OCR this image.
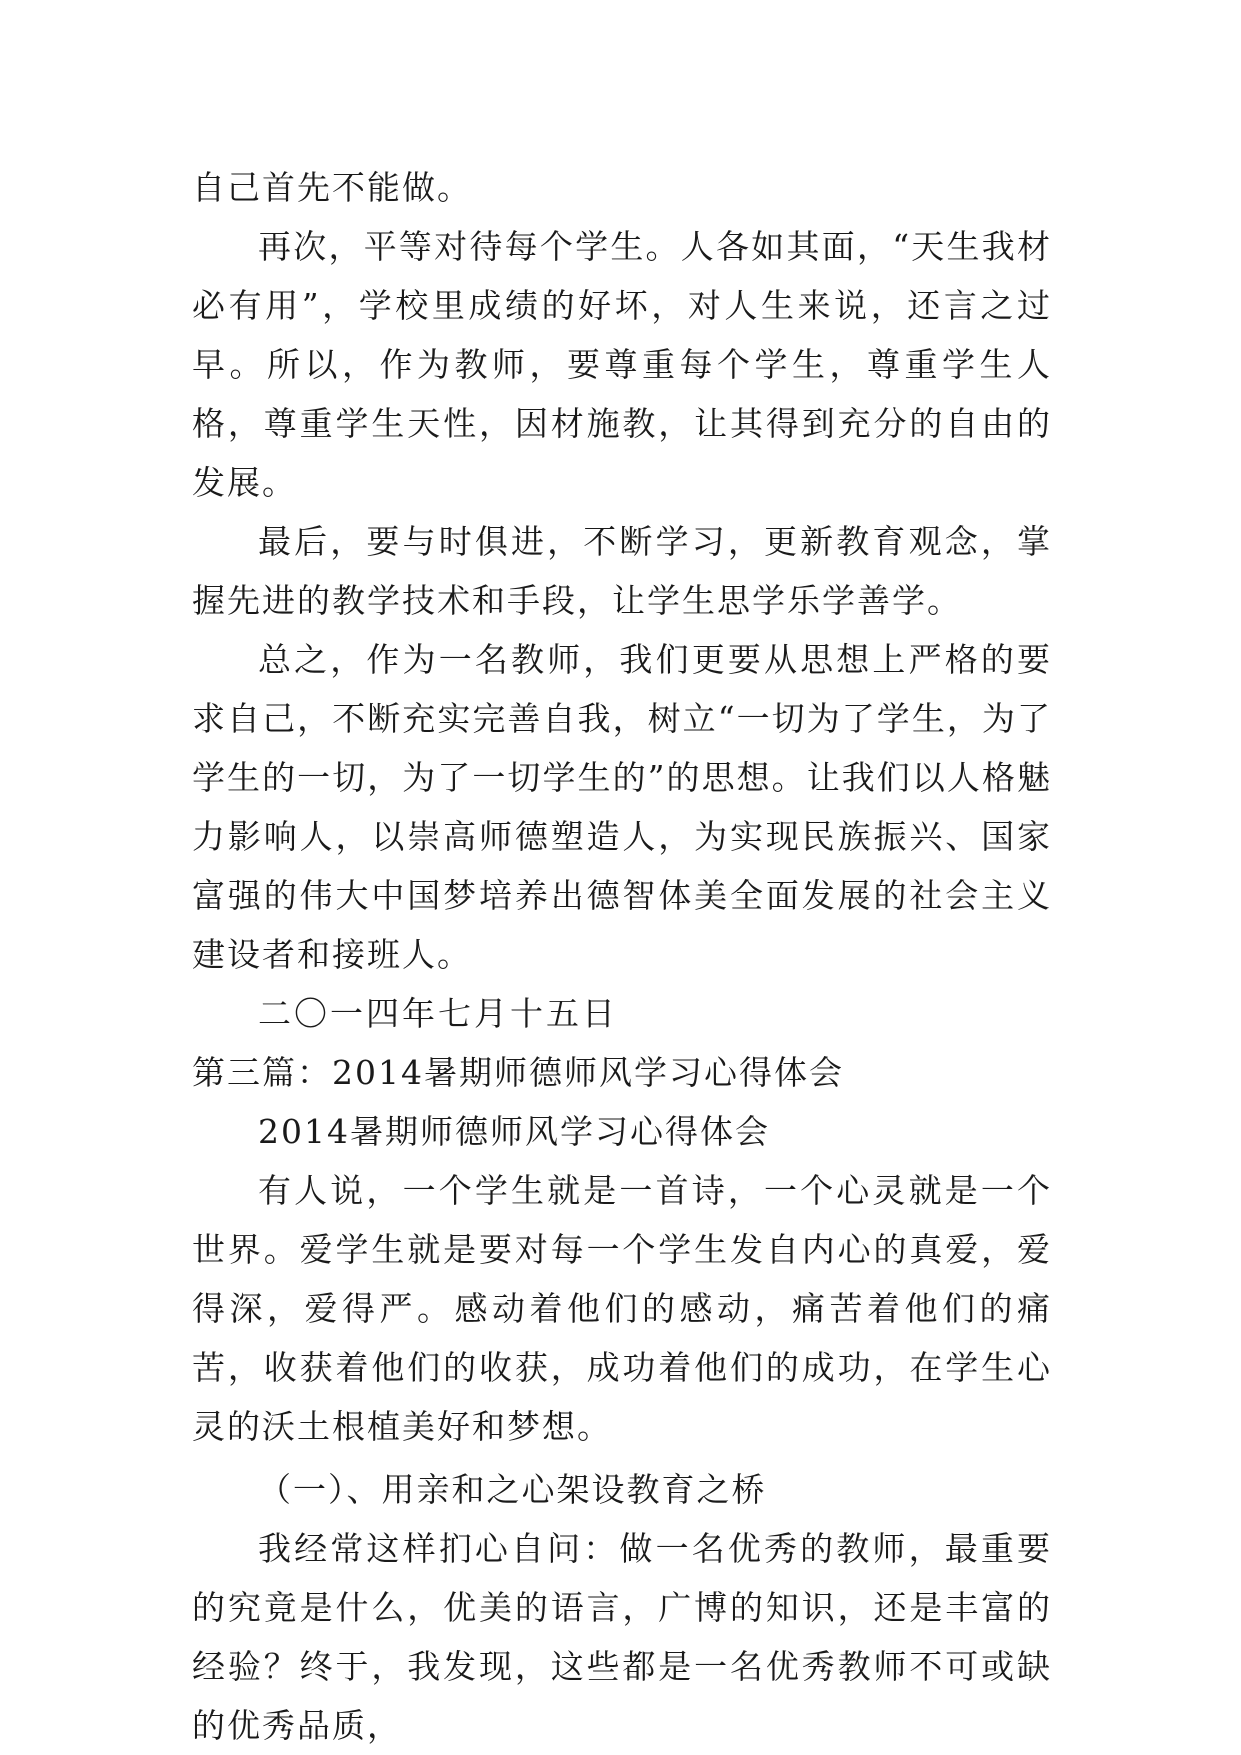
自己首先不能做。

再次，平等对待每个学生。人各如其面，“天生我材必有用”，学校里成绩的好坏，对人生来说，还言之过早。所以，作为教师，要尊重每个学生，尊重学生人格，尊重学生天性，因材施教，让其得到充分的自由的发展。

最后，要与时俱进，不断学习，更新教育观念，掌握先进的教学技术和手段，让学生思学乐学善学。

总之，作为一名教师，我们更要从思想上严格的要求自己，不断充实完善自我，树立“一切为了学生，为了学生的一切，为了一切学生的”的思想。让我们以人格魅力影响人，以崇高师德塑造人，为实现民族振兴、国家富强的伟大中国梦培养出德智体美全面发展的社会主义建设者和接班人。

二〇一四年七月十五日

第三篇：2014暑期师德师风学习心得体会

2014暑期师德师风学习心得体会

有人说，一个学生就是一首诗，一个心灵就是一个世界。爱学生就是要对每一个学生发自内心的真爱，爱得深，爱得严。感动着他们的感动，痛苦着他们的痛苦，收获着他们的收获，成功着他们的成功，在学生心灵的沃土根植美好和梦想。

（一）、用亲和之心架设教育之桥

我经常这样扪心自问：做一名优秀的教师，最重要的究竟是什么，优美的语言，广博的知识，还是丰富的经验？终于，我发现，这些都是一名优秀教师不可或缺的优秀品质，
